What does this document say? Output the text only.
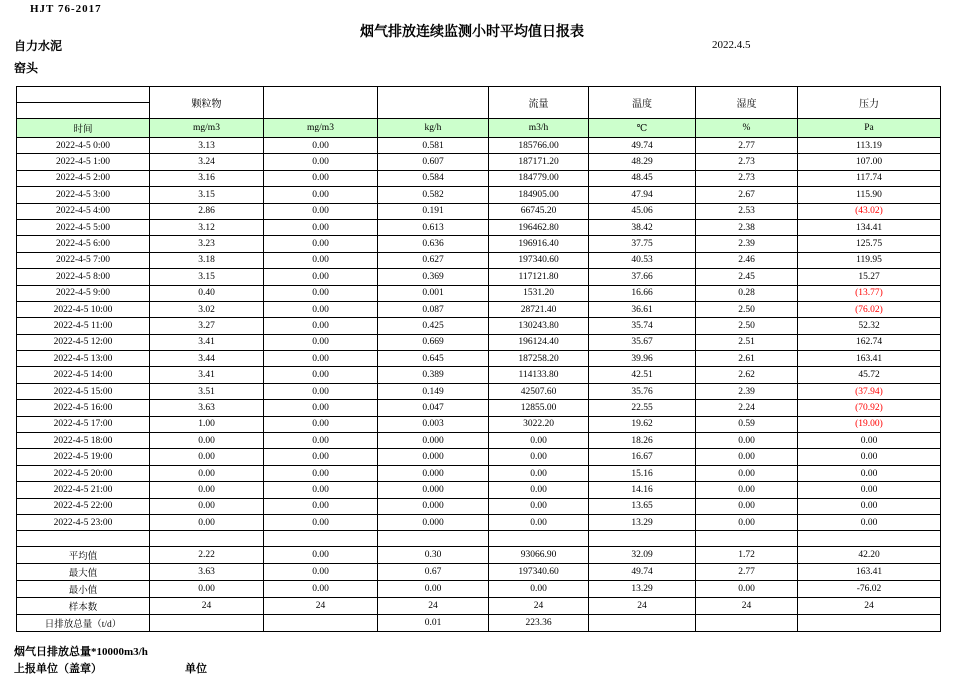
HJT 76-2017
烟气排放连续监测小时平均值日报表
自力水泥
窑头
2022.4.5
	颗粒物			流量	温度	湿度	压力
时间	mg/m3	mg/m3	kg/h	m3/h	℃	%	Pa
2022-4-5 0:00	3.13	0.00	0.581	185766.00	49.74	2.77	113.19
2022-4-5 1:00	3.24	0.00	0.607	187171.20	48.29	2.73	107.00
2022-4-5 2:00	3.16	0.00	0.584	184779.00	48.45	2.73	117.74
2022-4-5 3:00	3.15	0.00	0.582	184905.00	47.94	2.67	115.90
2022-4-5 4:00	2.86	0.00	0.191	66745.20	45.06	2.53	(43.02)
2022-4-5 5:00	3.12	0.00	0.613	196462.80	38.42	2.38	134.41
2022-4-5 6:00	3.23	0.00	0.636	196916.40	37.75	2.39	125.75
2022-4-5 7:00	3.18	0.00	0.627	197340.60	40.53	2.46	119.95
2022-4-5 8:00	3.15	0.00	0.369	117121.80	37.66	2.45	15.27
2022-4-5 9:00	0.40	0.00	0.001	1531.20	16.66	0.28	(13.77)
2022-4-5 10:00	3.02	0.00	0.087	28721.40	36.61	2.50	(76.02)
2022-4-5 11:00	3.27	0.00	0.425	130243.80	35.74	2.50	52.32
2022-4-5 12:00	3.41	0.00	0.669	196124.40	35.67	2.51	162.74
2022-4-5 13:00	3.44	0.00	0.645	187258.20	39.96	2.61	163.41
2022-4-5 14:00	3.41	0.00	0.389	114133.80	42.51	2.62	45.72
2022-4-5 15:00	3.51	0.00	0.149	42507.60	35.76	2.39	(37.94)
2022-4-5 16:00	3.63	0.00	0.047	12855.00	22.55	2.24	(70.92)
2022-4-5 17:00	1.00	0.00	0.003	3022.20	19.62	0.59	(19.00)
2022-4-5 18:00	0.00	0.00	0.000	0.00	18.26	0.00	0.00
2022-4-5 19:00	0.00	0.00	0.000	0.00	16.67	0.00	0.00
2022-4-5 20:00	0.00	0.00	0.000	0.00	15.16	0.00	0.00
2022-4-5 21:00	0.00	0.00	0.000	0.00	14.16	0.00	0.00
2022-4-5 22:00	0.00	0.00	0.000	0.00	13.65	0.00	0.00
2022-4-5 23:00	0.00	0.00	0.000	0.00	13.29	0.00	0.00

平均值	2.22	0.00	0.30	93066.90	32.09	1.72	42.20
最大值	3.63	0.00	0.67	197340.60	49.74	2.77	163.41
最小值	0.00	0.00	0.00	0.00	13.29	0.00	-76.02
样本数	24	24	24	24	24	24	24
日排放总量（t/d）			0.01	223.36			
烟气日排放总量*10000m3/h
上报单位（盖章）	单位
